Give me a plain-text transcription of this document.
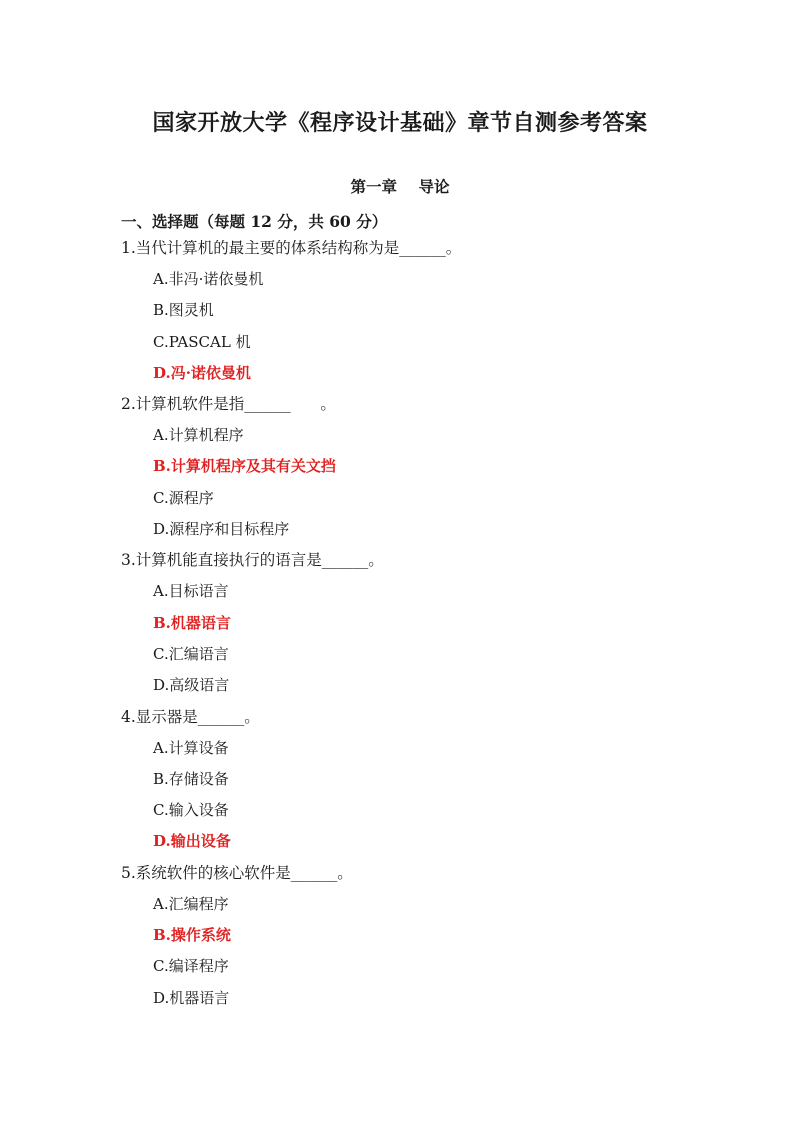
国家开放大学《程序设计基础》章节自测参考答案
第一章    导论
一、选择题（每题 12 分，共 60 分）
1.当代计算机的最主要的体系结构称为是______。
A.非冯·诺依曼机
B.图灵机
C.PASCAL 机
D.冯·诺依曼机
2.计算机软件是指______      。
A.计算机程序
B.计算机程序及其有关文挡
C.源程序
D.源程序和目标程序
3.计算机能直接执行的语言是______。
A.目标语言
B.机器语言
C.汇编语言
D.高级语言
4.显示器是______。
A.计算设备
B.存储设备
C.输入设备
D.输出设备
5.系统软件的核心软件是______。
A.汇编程序
B.操作系统
C.编译程序
D.机器语言
